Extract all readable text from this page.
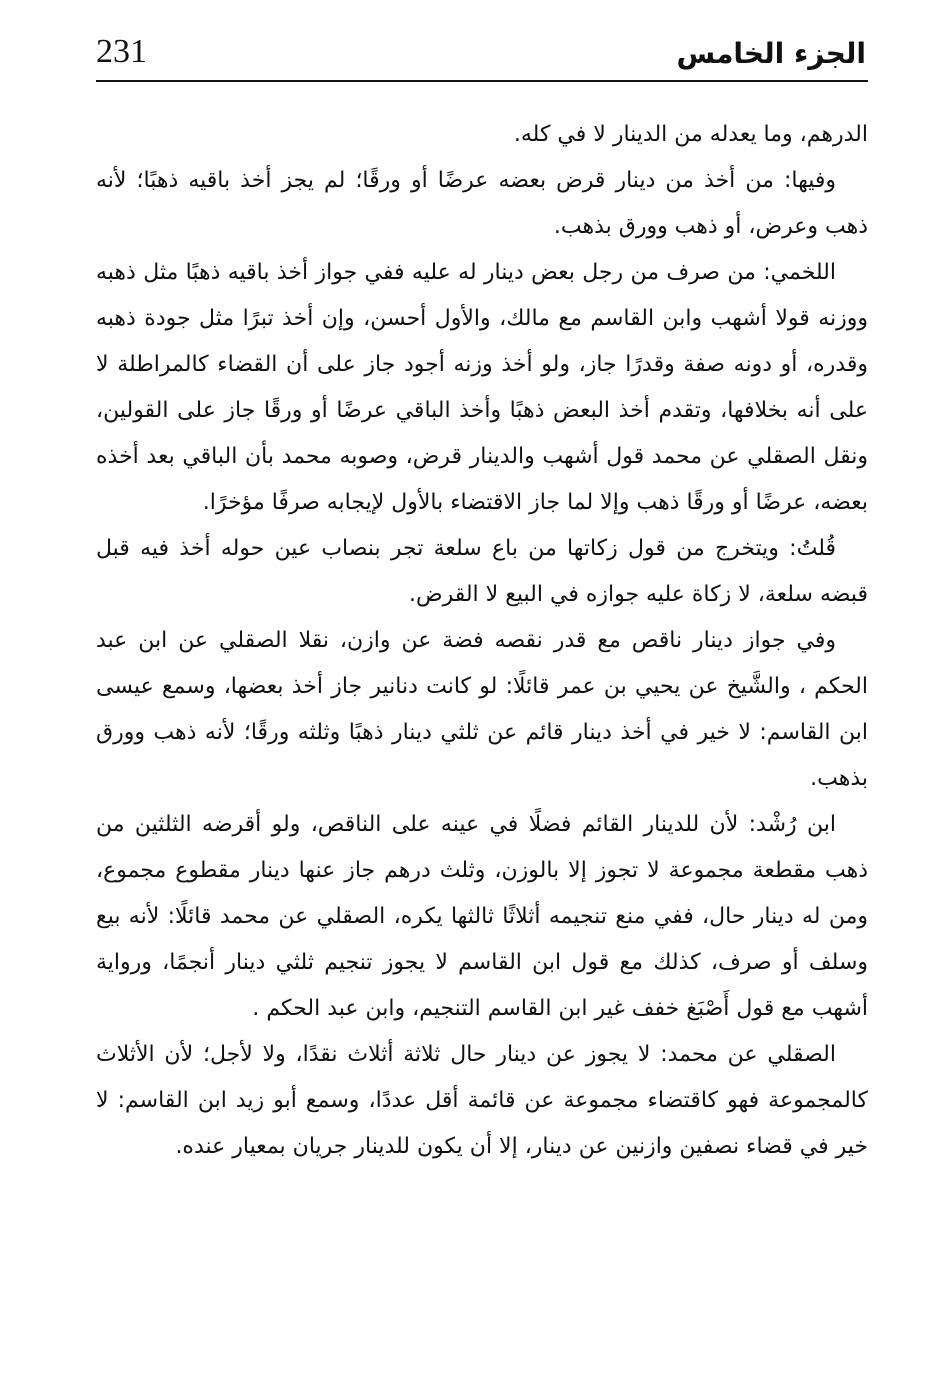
231	الجزء الخامس

الدرهم، وما يعدله من الدينار لا في كله.

وفيها: من أخذ من دينار قرض بعضه عرضًا أو ورقًا؛ لم يجز أخذ باقيه ذهبًا؛ لأنه ذهب وعرض، أو ذهب وورق بذهب.

اللخمي: من صرف من رجل بعض دينار له عليه ففي جواز أخذ باقيه ذهبًا مثل ذهبه ووزنه قولا أشهب وابن القاسم مع مالك، والأول أحسن، وإن أخذ تبرًا مثل جودة ذهبه وقدره، أو دونه صفة وقدرًا جاز، ولو أخذ وزنه أجود جاز على أن القضاء كالمراطلة لا على أنه بخلافها، وتقدم أخذ البعض ذهبًا وأخذ الباقي عرضًا أو ورقًا جاز على القولين، ونقل الصقلي عن محمد قول أشهب والدينار قرض، وصوبه محمد بأن الباقي بعد أخذه بعضه، عرضًا أو ورقًا ذهب وإلا لما جاز الاقتضاء بالأول لإيجابه صرفًا مؤخرًا.

قُلتُ: ويتخرج من قول زكاتها من باع سلعة تجر بنصاب عين حوله أخذ فيه قبل قبضه سلعة، لا زكاة عليه جوازه في البيع لا القرض.

وفي جواز دينار ناقص مع قدر نقصه فضة عن وازن، نقلا الصقلي عن ابن عبد الحكم ، والشَّيخ عن يحيي بن عمر قائلًا: لو كانت دنانير جاز أخذ بعضها، وسمع عيسى ابن القاسم: لا خير في أخذ دينار قائم عن ثلثي دينار ذهبًا وثلثه ورقًا؛ لأنه ذهب وورق بذهب.

ابن رُشْد: لأن للدينار القائم فضلًا في عينه على الناقص، ولو أقرضه الثلثين من ذهب مقطعة مجموعة لا تجوز إلا بالوزن، وثلث درهم جاز عنها دينار مقطوع مجموع، ومن له دينار حال، ففي منع تنجيمه أثلاثًا ثالثها يكره، الصقلي عن محمد قائلًا: لأنه بيع وسلف أو صرف، كذلك مع قول ابن القاسم لا يجوز تنجيم ثلثي دينار أنجمًا، ورواية أشهب مع قول أَصْبَغ خفف غير ابن القاسم التنجيم، وابن عبد الحكم .

الصقلي عن محمد: لا يجوز عن دينار حال ثلاثة أثلاث نقدًا، ولا لأجل؛ لأن الأثلاث كالمجموعة فهو كاقتضاء مجموعة عن قائمة أقل عددًا، وسمع أبو زيد ابن القاسم: لا خير في قضاء نصفين وازنين عن دينار، إلا أن يكون للدينار جريان بمعيار عنده.
